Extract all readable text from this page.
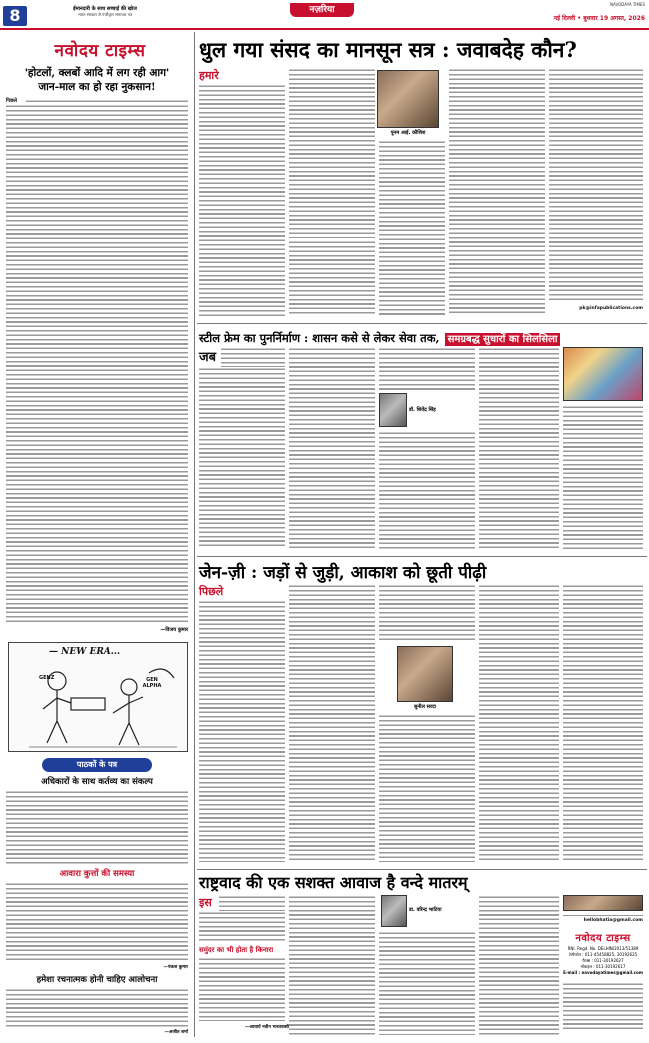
8	ईमानदारी के साथ सच्चाई की खोज
भारत सरकार से पंजीकृत समाचार पत्र	नज़रिया
NAVODAYA TIMES
नई दिल्ली • बुधवार 19 अगस्त, 2026
नवोदय टाइम्स
'होटलों, क्लबों आदि में लग रही आग'
जान-माल का हो रहा नुकसान!
पिछले
—विजय कुमार
— NEW ERA...
GENZ	GEN ALPHA
पाठकों के पत्र
अधिकारों के साथ कर्तव्य का संकल्प
आवारा कुत्तों की समस्या
—पंकज कुमार
हमेशा रचनात्मक होनी चाहिए आलोचना
—अजीत शर्मा
धुल गया संसद का मानसून सत्र : जवाबदेह कौन?
हमारे
पूनम आई. कौशिश
pk@infapublications.com
स्टील फ्रेम का पुनर्निर्माण : शासन कसे से लेकर सेवा तक, समग्रबद्ध सुधारों का सिलसिला
जब
डॉ. शिवेंद्र सिंह
जेन-ज़ी : जड़ों से जुड़ी, आकाश को छूती पीढ़ी
पिछले
सुनील सरदा
राष्ट्रवाद की एक सशक्त आवाज है वन्दे मातरम्
इस
समुंदर का भी होता है किनारा
—आचार्य नवीन भारतवासी
डा. वरिन्द्र भाटिया
hellobhatia@gmail.com
नवोदय टाइम्स
RNI. Regd. No. DELHIN/2013/51389
टेलीफोन : 011-45458825, 30192625
फैक्स : 011-30192627
मोबाइल : 011-30192617
E-mail : navodayatimes@gmail.com
